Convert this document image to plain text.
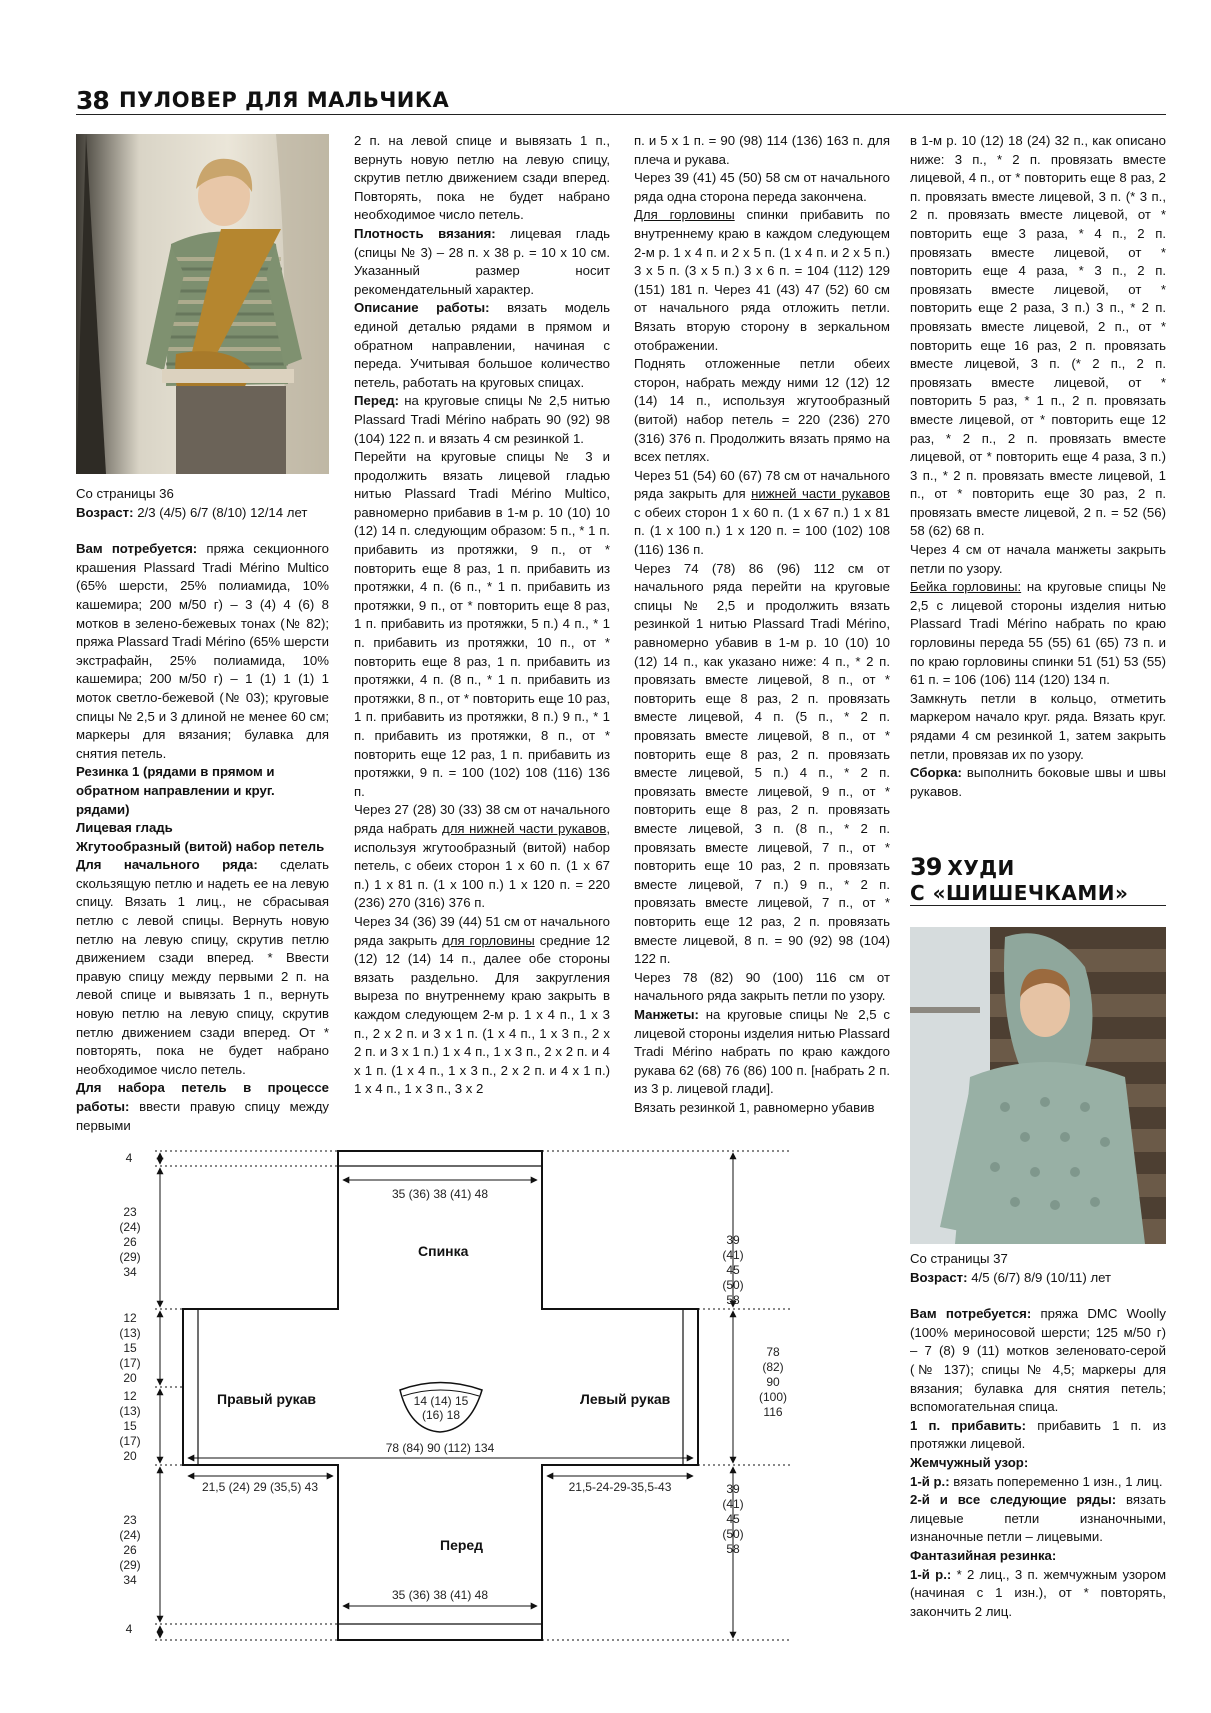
38 ПУЛОВЕР ДЛЯ МАЛЬЧИКА

Со страницы 36

Возраст: 2/3 (4/5) 6/7 (8/10) 12/14 лет

Вам потребуется: пряжа секционного крашения Plassard Tradi Mérino Multico (65% шерсти, 25% полиамида, 10% кашемира; 200 м/50 г) – 3 (4) 4 (6) 8 мотков в зелено-бежевых тонах (№ 82); пряжа Plassard Tradi Mérino (65% шерсти экстрафайн, 25% полиамида, 10% кашемира; 200 м/50 г) – 1 (1) 1 (1) 1 моток светло-бежевой (№ 03); круговые спицы № 2,5 и 3 длиной не менее 60 см; маркеры для вязания; булавка для снятия петель.

Резинка 1 (рядами в прямом и обратном направлении и круг. рядами)

Лицевая гладь

Жгутообразный (витой) набор петель

Для начального ряда: сделать скользящую петлю и надеть ее на левую спицу. Вязать 1 лиц., не сбрасывая петлю с левой спицы. Вернуть новую петлю на левую спицу, скрутив петлю движением сзади вперед. * Ввести правую спицу между первыми 2 п. на левой спице и вывязать 1 п., вернуть новую петлю на левую спицу, скрутив петлю движением сзади вперед. От * повторять, пока не будет набрано необходимое число петель.

Для набора петель в процессе работы: ввести правую спицу между первыми

2 п. на левой спице и вывязать 1 п., вернуть новую петлю на левую спицу, скрутив петлю движением сзади вперед. Повторять, пока не будет набрано необходимое число петель.

Плотность вязания: лицевая гладь (спицы № 3) – 28 п. х 38 р. = 10 х 10 см. Указанный размер носит рекомендательный характер.

Описание работы: вязать модель единой деталью рядами в прямом и обратном направлении, начиная с переда. Учитывая большое количество петель, работать на круговых спицах.

Перед: на круговые спицы № 2,5 нитью Plassard Tradi Mérino набрать 90 (92) 98 (104) 122 п. и вязать 4 см резинкой 1.

Перейти на круговые спицы № 3 и продолжить вязать лицевой гладью нитью Plassard Tradi Mérino Multico, равномерно прибавив в 1-м р. 10 (10) 10 (12) 14 п. следующим образом: 5 п., * 1 п. прибавить из протяжки, 9 п., от * повторить еще 8 раз, 1 п. прибавить из протяжки, 4 п. (6 п., * 1 п. прибавить из протяжки, 9 п., от * повторить еще 8 раз, 1 п. прибавить из протяжки, 5 п.) 4 п., * 1 п. прибавить из протяжки, 10 п., от * повторить еще 8 раз, 1 п. прибавить из протяжки, 4 п. (8 п., * 1 п. прибавить из протяжки, 8 п., от * повторить еще 10 раз, 1 п. прибавить из протяжки, 8 п.) 9 п., * 1 п. прибавить из протяжки, 8 п., от * повторить еще 12 раз, 1 п. прибавить из протяжки, 9 п. = 100 (102) 108 (116) 136 п.

Через 27 (28) 30 (33) 38 см от начального ряда набрать для нижней части рукавов, используя жгутообразный (витой) набор петель, с обеих сторон 1 х 60 п. (1 х 67 п.) 1 х 81 п. (1 х 100 п.) 1 х 120 п. = 220 (236) 270 (316) 376 п.

Через 34 (36) 39 (44) 51 см от начального ряда закрыть для горловины средние 12 (12) 12 (14) 14 п., далее обе стороны вязать раздельно. Для закругления выреза по внутреннему краю закрыть в каждом следующем 2-м р. 1 х 4 п., 1 х 3 п., 2 х 2 п. и 3 х 1 п. (1 х 4 п., 1 х 3 п., 2 х 2 п. и 3 х 1 п.) 1 х 4 п., 1 х 3 п., 2 х 2 п. и 4 х 1 п. (1 х 4 п., 1 х 3 п., 2 х 2 п. и 4 х 1 п.) 1 х 4 п., 1 х 3 п., 3 х 2

п. и 5 х 1 п. = 90 (98) 114 (136) 163 п. для плеча и рукава.

Через 39 (41) 45 (50) 58 см от начального ряда одна сторона переда закончена.

Для горловины спинки прибавить по внутреннему краю в каждом следующем 2-м р. 1 х 4 п. и 2 х 5 п. (1 х 4 п. и 2 х 5 п.) 3 х 5 п. (3 х 5 п.) 3 х 6 п. = 104 (112) 129 (151) 181 п. Через 41 (43) 47 (52) 60 см от начального ряда отложить петли. Вязать вторую сторону в зеркальном отображении.

Поднять отложенные петли обеих сторон, набрать между ними 12 (12) 12 (14) 14 п., используя жгутообразный (витой) набор петель = 220 (236) 270 (316) 376 п. Продолжить вязать прямо на всех петлях.

Через 51 (54) 60 (67) 78 см от начального ряда закрыть для нижней части рукавов с обеих сторон 1 х 60 п. (1 х 67 п.) 1 х 81 п. (1 х 100 п.) 1 х 120 п. = 100 (102) 108 (116) 136 п.

Через 74 (78) 86 (96) 112 см от начального ряда перейти на круговые спицы № 2,5 и продолжить вязать резинкой 1 нитью Plassard Tradi Mérino, равномерно убавив в 1-м р. 10 (10) 10 (12) 14 п., как указано ниже: 4 п., * 2 п. провязать вместе лицевой, 8 п., от * повторить еще 8 раз, 2 п. провязать вместе лицевой, 4 п. (5 п., * 2 п. провязать вместе лицевой, 8 п., от * повторить еще 8 раз, 2 п. провязать вместе лицевой, 5 п.) 4 п., * 2 п. провязать вместе лицевой, 9 п., от * повторить еще 8 раз, 2 п. провязать вместе лицевой, 3 п. (8 п., * 2 п. провязать вместе лицевой, 7 п., от * повторить еще 10 раз, 2 п. провязать вместе лицевой, 7 п.) 9 п., * 2 п. провязать вместе лицевой, 7 п., от * повторить еще 12 раз, 2 п. провязать вместе лицевой, 8 п. = 90 (92) 98 (104) 122 п.

Через 78 (82) 90 (100) 116 см от начального ряда закрыть петли по узору.

Манжеты: на круговые спицы № 2,5 с лицевой стороны изделия нитью Plassard Tradi Mérino набрать по краю каждого рукава 62 (68) 76 (86) 100 п. [набрать 2 п. из 3 р. лицевой глади].

Вязать резинкой 1, равномерно убавив

в 1-м р. 10 (12) 18 (24) 32 п., как описано ниже: 3 п., * 2 п. провязать вместе лицевой, 4 п., от * повторить еще 8 раз, 2 п. провязать вместе лицевой, 3 п. (* 3 п., 2 п. провязать вместе лицевой, от * повторить еще 3 раза, * 4 п., 2 п. провязать вместе лицевой, от * повторить еще 4 раза, * 3 п., 2 п. провязать вместе лицевой, от * повторить еще 2 раза, 3 п.) 3 п., * 2 п. провязать вместе лицевой, 2 п., от * повторить еще 16 раз, 2 п. провязать вместе лицевой, 3 п. (* 2 п., 2 п. провязать вместе лицевой, от * повторить 5 раз, * 1 п., 2 п. провязать вместе лицевой, от * повторить еще 12 раз, * 2 п., 2 п. провязать вместе лицевой, от * повторить еще 4 раза, 3 п.) 3 п., * 2 п. провязать вместе лицевой, 1 п., от * повторить еще 30 раз, 2 п. провязать вместе лицевой, 2 п. = 52 (56) 58 (62) 68 п.

Через 4 см от начала манжеты закрыть петли по узору.

Бейка горловины: на круговые спицы № 2,5 с лицевой стороны изделия нитью Plassard Tradi Mérino набрать по краю горловины переда 55 (55) 61 (65) 73 п. и по краю горловины спинки 51 (51) 53 (55) 61 п. = 106 (106) 114 (120) 134 п.

Замкнуть петли в кольцо, отметить маркером начало круг. ряда. Вязать круг. рядами 4 см резинкой 1, затем закрыть петли, провязав их по узору.

Сборка: выполнить боковые швы и швы рукавов.

39 ХУДИ
С «ШИШЕЧКАМИ»

Со страницы 37

Возраст: 4/5 (6/7) 8/9 (10/11) лет

Вам потребуется: пряжа DMC Woolly (100% мериносовой шерсти; 125 м/50 г) – 7 (8) 9 (11) мотков зеленовато-серой (№ 137); спицы № 4,5; маркеры для вязания; булавка для снятия петель; вспомогательная спица.

1 п. прибавить: прибавить 1 п. из протяжки лицевой.

Жемчужный узор:

1-й р.: вязать попеременно 1 изн., 1 лиц.

2-й и все следующие ряды: вязать лицевые петли изнаночными, изнаночные петли – лицевыми.

Фантазийная резинка:

1-й р.: * 2 лиц., 3 п. жемчужным узором (начиная с 1 изн.), от * повторять, закончить 2 лиц.

Спинка
Перед
Правый рукав	Левый рукав
35 (36) 38 (41) 48
35 (36) 38 (41) 48
78 (84) 90 (112) 134
21,5 (24) 29 (35,5) 43	21,5-24-29-35,5-43
14 (14) 15
(16) 18
4
23
(24)
26
(29)
34
12
(13)
15
(17)
20
12
(13)
15
(17)
20
23
(24)
26
(29)
34
4
39
(41)
45
(50)
58
78
(82)
90
(100)
116
39
(41)
45
(50)
58
